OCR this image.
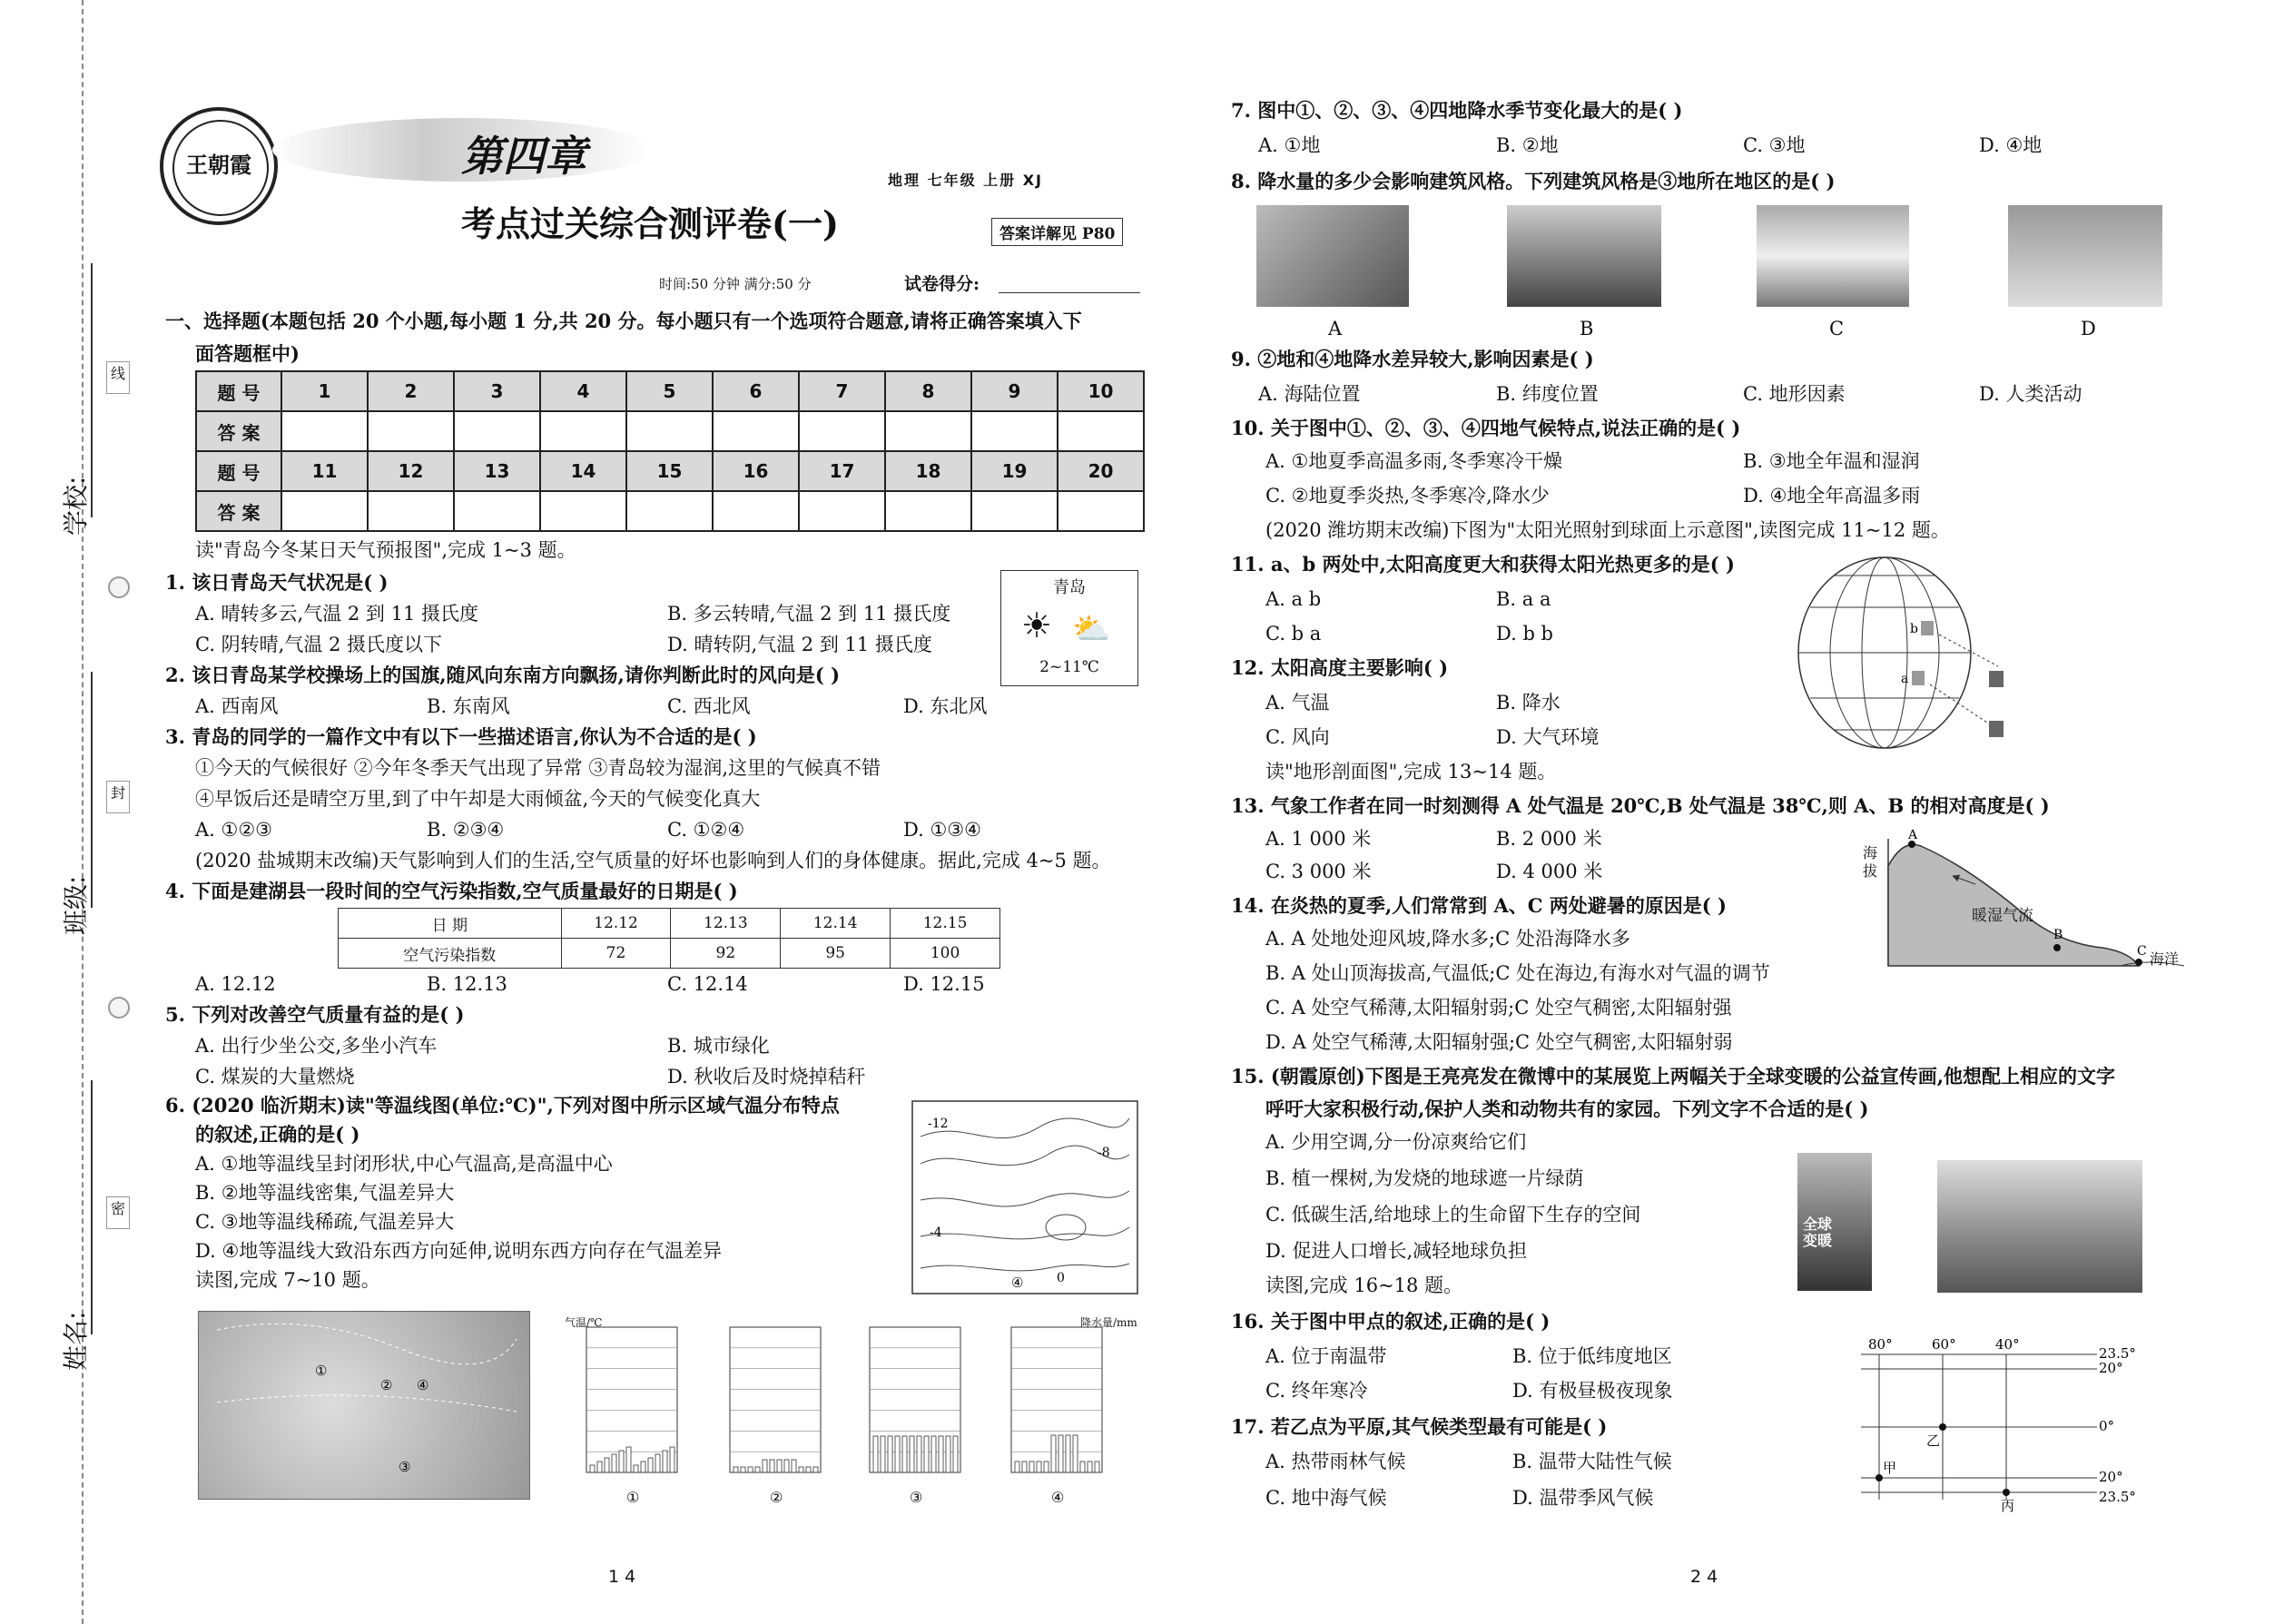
学校:
班级:
姓名:
线
封
密
王朝霞	第四章
考点过关综合测评卷(一)
地理 七年级 上册 XJ
答案详解见 P80
时间:50 分钟 满分:50 分	试卷得分:
一、选择题(本题包括 20 个小题,每小题 1 分,共 20 分。每小题只有一个选项符合题意,请将正确答案填入下
面答题框中)
题 号	1	2	3	4	5	6	7	8	9	10
答 案										
题 号	11	12	13	14	15	16	17	18	19	20
答 案										
读"青岛今冬某日天气预报图",完成 1~3 题。
1. 该日青岛天气状况是( )
A. 晴转多云,气温 2 到 11 摄氏度	B. 多云转晴,气温 2 到 11 摄氏度
C. 阴转晴,气温 2 摄氏度以下	D. 晴转阴,气温 2 到 11 摄氏度
青岛
☀ ⛅
2~11℃
2. 该日青岛某学校操场上的国旗,随风向东南方向飘扬,请你判断此时的风向是( )
A. 西南风	B. 东南风	C. 西北风	D. 东北风
3. 青岛的同学的一篇作文中有以下一些描述语言,你认为不合适的是( )
①今天的气候很好 ②今年冬季天气出现了异常 ③青岛较为湿润,这里的气候真不错
④早饭后还是晴空万里,到了中午却是大雨倾盆,今天的气候变化真大
A. ①②③	B. ②③④	C. ①②④	D. ①③④
(2020 盐城期末改编)天气影响到人们的生活,空气质量的好坏也影响到人们的身体健康。据此,完成 4~5 题。
4. 下面是建湖县一段时间的空气污染指数,空气质量最好的日期是( )
日 期	12.12	12.13	12.14	12.15
空气污染指数	72	92	95	100
A. 12.12	B. 12.13	C. 12.14	D. 12.15
5. 下列对改善空气质量有益的是( )
A. 出行少坐公交,多坐小汽车	B. 城市绿化
C. 煤炭的大量燃烧	D. 秋收后及时烧掉秸秆
6. (2020 临沂期末)读"等温线图(单位:℃)",下列对图中所示区域气温分布特点
的叙述,正确的是( )
A. ①地等温线呈封闭形状,中心气温高,是高温中心
B. ②地等温线密集,气温差异大
C. ③地等温线稀疏,气温差异大
D. ④地等温线大致沿东西方向延伸,说明东西方向存在气温差异
读图,完成 7~10 题。
-12
-8
-4
0
④
①
② ④
③
①	②	③	④
气温/℃	降水量/mm
1 4
7. 图中①、②、③、④四地降水季节变化最大的是( )
A. ①地	B. ②地	C. ③地	D. ④地
8. 降水量的多少会影响建筑风格。下列建筑风格是③地所在地区的是( )
A	B	C	D
9. ②地和④地降水差异较大,影响因素是( )
A. 海陆位置	B. 纬度位置	C. 地形因素	D. 人类活动
10. 关于图中①、②、③、④四地气候特点,说法正确的是( )
A. ①地夏季高温多雨,冬季寒冷干燥	B. ③地全年温和湿润
C. ②地夏季炎热,冬季寒冷,降水少	D. ④地全年高温多雨
(2020 潍坊期末改编)下图为"太阳光照射到球面上示意图",读图完成 11~12 题。
11. a、b 两处中,太阳高度更大和获得太阳光热更多的是( )
A. a b	B. a a
C. b a	D. b b
12. 太阳高度主要影响( )
A. 气温	B. 降水
C. 风向	D. 大气环境
a
b
读"地形剖面图",完成 13~14 题。
13. 气象工作者在同一时刻测得 A 处气温是 20℃,B 处气温是 38℃,则 A、B 的相对高度是( )
A. 1 000 米	B. 2 000 米
C. 3 000 米	D. 4 000 米
A
B
C
海拔
暖湿气流
海洋
14. 在炎热的夏季,人们常常到 A、C 两处避暑的原因是( )
A. A 处地处迎风坡,降水多;C 处沿海降水多
B. A 处山顶海拔高,气温低;C 处在海边,有海水对气温的调节
C. A 处空气稀薄,太阳辐射弱;C 处空气稠密,太阳辐射强
D. A 处空气稀薄,太阳辐射强;C 处空气稠密,太阳辐射弱
15. (朝霞原创)下图是王亮亮发在微博中的某展览上两幅关于全球变暖的公益宣传画,他想配上相应的文字
呼吁大家积极行动,保护人类和动物共有的家园。下列文字不合适的是( )
A. 少用空调,分一份凉爽给它们
B. 植一棵树,为发烧的地球遮一片绿荫
C. 低碳生活,给地球上的生命留下生存的空间
D. 促进人口增长,减轻地球负担
全球变暖
读图,完成 16~18 题。
16. 关于图中甲点的叙述,正确的是( )
A. 位于南温带	B. 位于低纬度地区
C. 终年寒冷	D. 有极昼极夜现象
17. 若乙点为平原,其气候类型最有可能是( )
A. 热带雨林气候	B. 温带大陆性气候
C. 地中海气候	D. 温带季风气候
80°	60°	40°
23.5°
20°
0°
20°
23.5°
甲
乙
丙
2 4
